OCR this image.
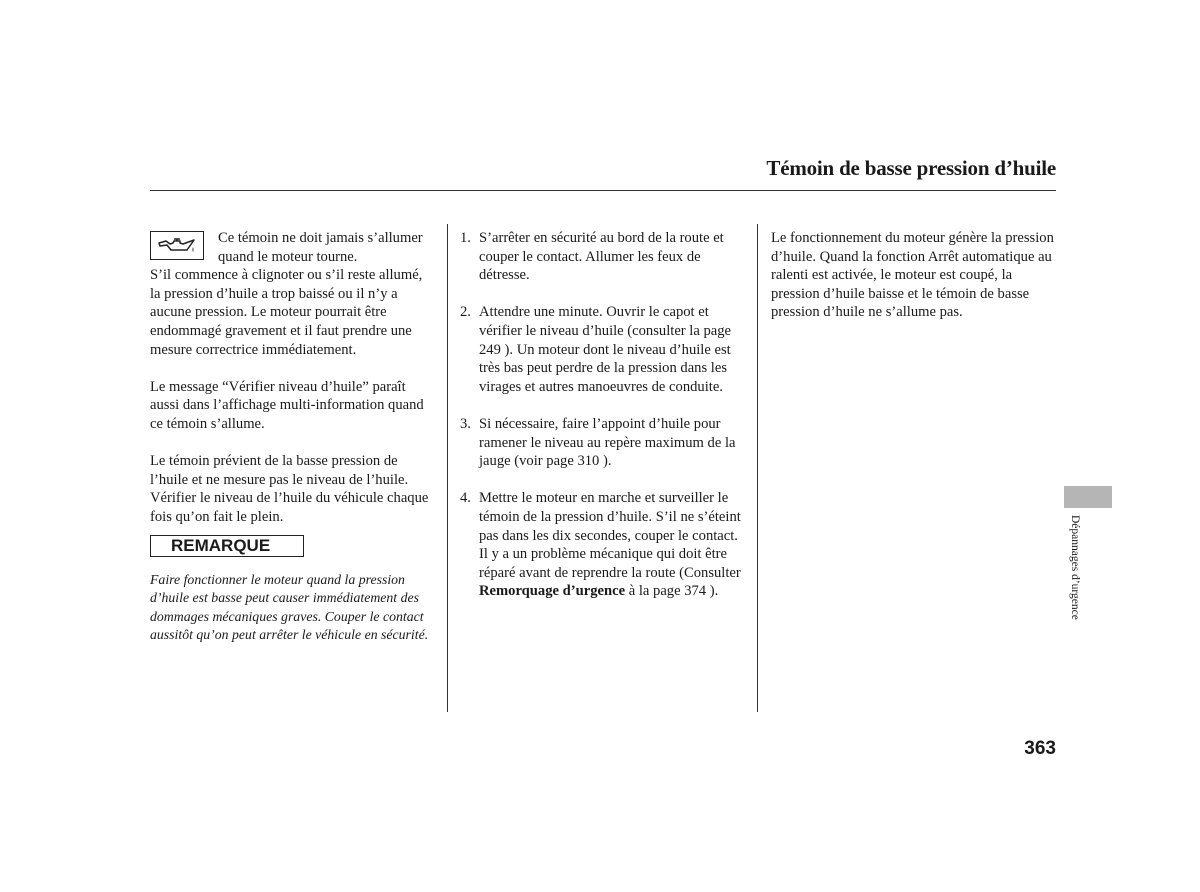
Témoin de basse pression d’huile

Ce témoin ne doit jamais s’allumer quand le moteur tourne.

S’il commence à clignoter ou s’il reste allumé, la pression d’huile a trop baissé ou il n’y a aucune pression. Le moteur pourrait être endommagé gravement et il faut prendre une mesure correctrice immédiatement.

Le message “Vérifier niveau d’huile” paraît aussi dans l’affichage multi-information quand ce témoin s’allume.

Le témoin prévient de la basse pression de l’huile et ne mesure pas le niveau de l’huile. Vérifier le niveau de l’huile du véhicule chaque fois qu’on fait le plein.

REMARQUE

Faire fonctionner le moteur quand la pression d’huile est basse peut causer immédiatement des dommages mécaniques graves. Couper le contact aussitôt qu’on peut arrêter le véhicule en sécurité.

1. S’arrêter en sécurité au bord de la route et couper le contact. Allumer les feux de détresse.
2. Attendre une minute. Ouvrir le capot et vérifier le niveau d’huile (consulter la page 249 ). Un moteur dont le niveau d’huile est très bas peut perdre de la pression dans les virages et autres manoeuvres de conduite.
3. Si nécessaire, faire l’appoint d’huile pour ramener le niveau au repère maximum de la jauge (voir page 310 ).
4. Mettre le moteur en marche et surveiller le témoin de la pression d’huile. S’il ne s’éteint pas dans les dix secondes, couper le contact. Il y a un problème mécanique qui doit être réparé avant de reprendre la route (Consulter Remorquage d’urgence à la page 374 ).

Le fonctionnement du moteur génère la pression d’huile. Quand la fonction Arrêt automatique au ralenti est activée, le moteur est coupé, la pression d’huile baisse et le témoin de basse pression d’huile ne s’allume pas.

Dépannages d’urgence
363
